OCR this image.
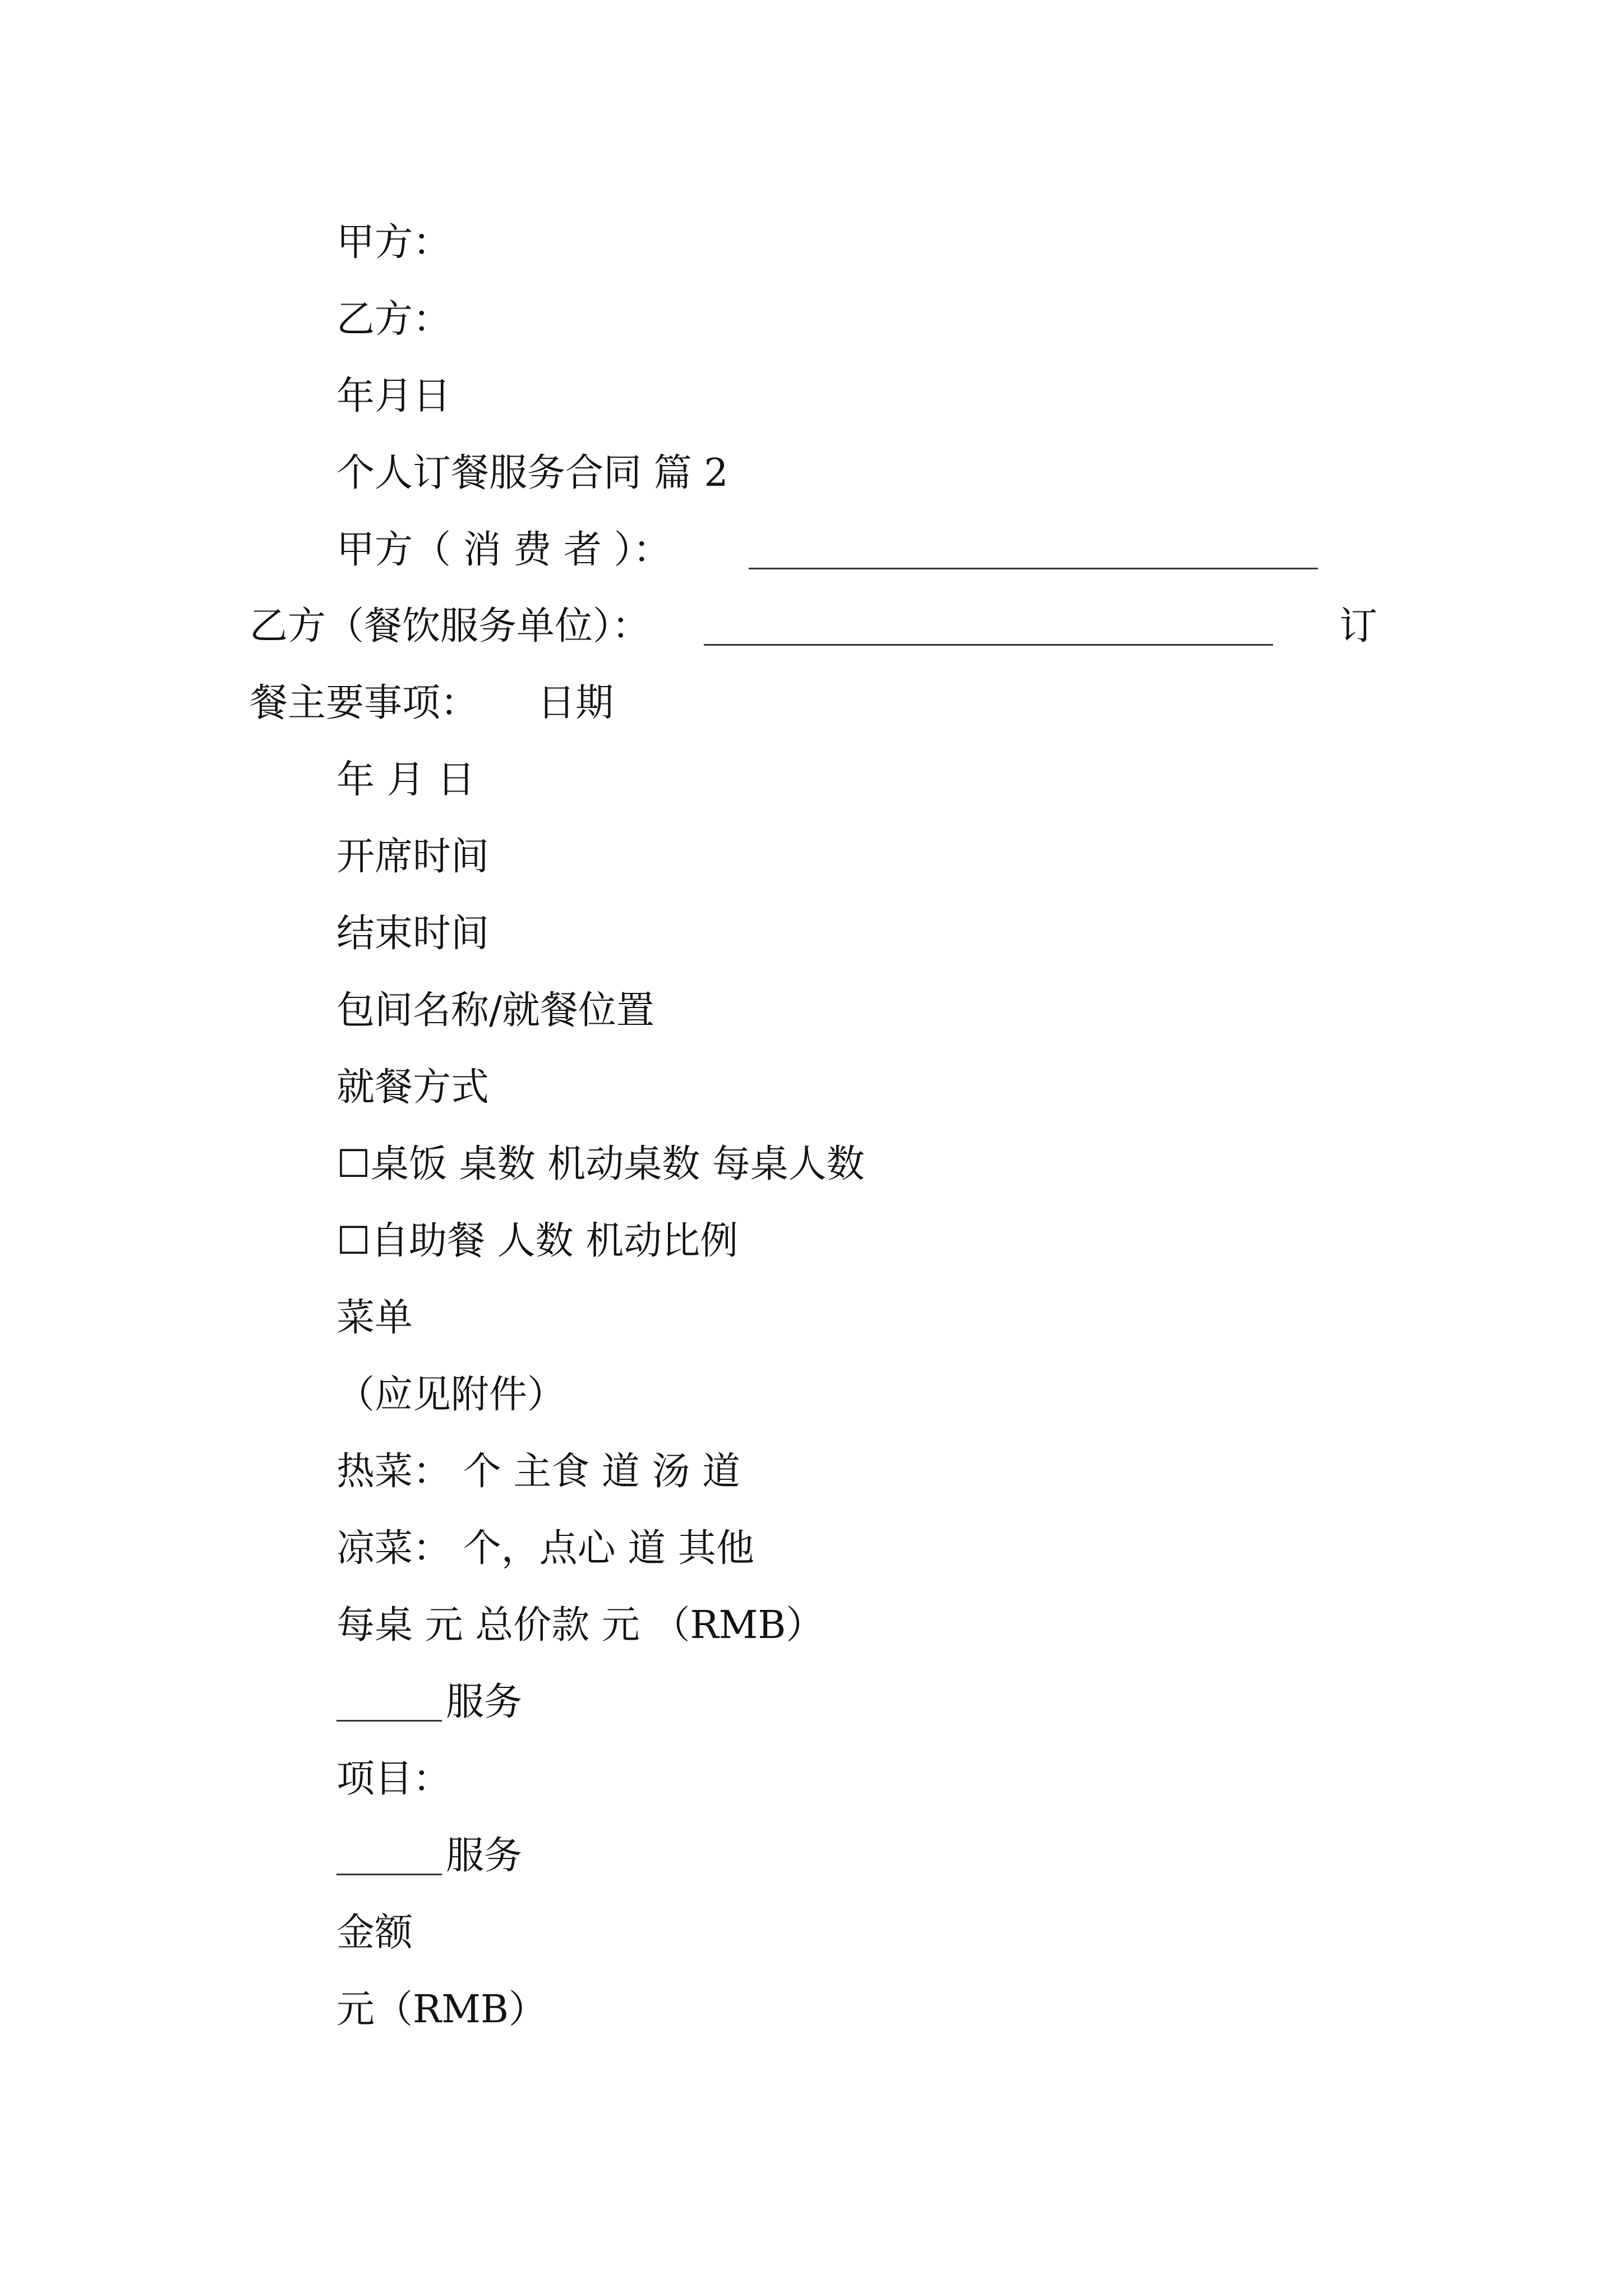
甲方：
乙方：
年月日
个人订餐服务合同 篇 2
甲方（ 消 费 者 ）：
乙方（餐饮服务单位）：	订
餐主要事项： 日期
年 月 日
开席时间
结束时间
包间名称/就餐位置
就餐方式
☐桌饭 桌数 机动桌数 每桌人数
☐自助餐 人数 机动比例
菜单
（应见附件）
热菜： 个 主食 道 汤 道
凉菜： 个，点心 道 其他
每桌 元 总价款 元 （RMB）
服务
项目：
服务
金额
元（RMB）
